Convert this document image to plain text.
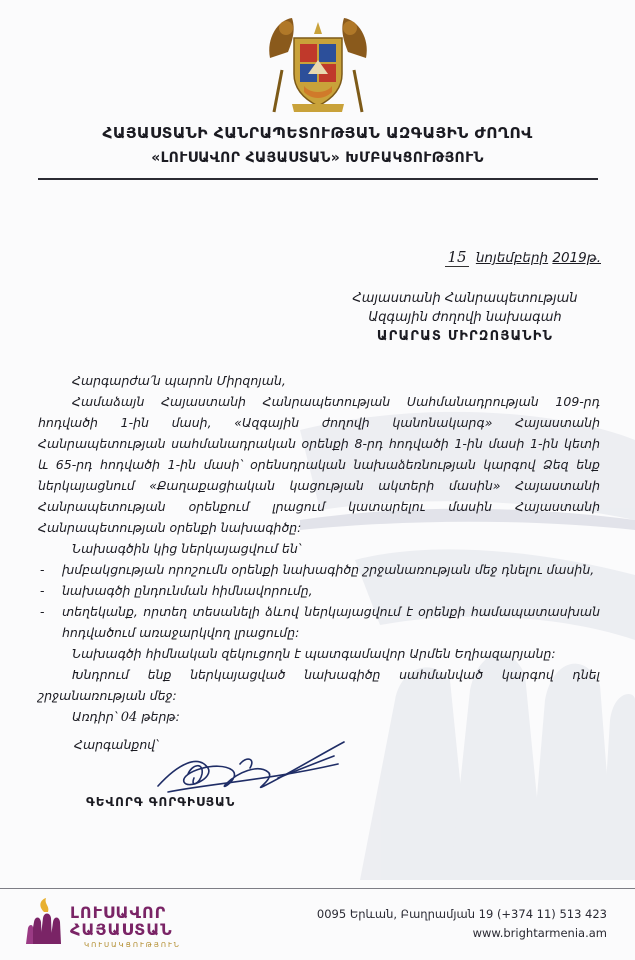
ՀԱՅԱՍՏԱՆԻ ՀԱՆՐԱՊԵՏՈՒԹՅԱՆ ԱԶԳԱՅԻՆ ԺՈՂՈՎ
«ԼՈՒՍԱՎՈՐ ՀԱՅԱՍՏԱՆ» ԽՄԲԱԿՑՈՒԹՅՈՒՆ
15 նոյեմբերի 2019թ.
Հայաստանի Հանրապետության
Ազգային ժողովի նախագահ
ԱՐԱՐԱՏ ՄԻՐԶՈՅԱՆԻՆ

Հարգարժա՛ն պարոն Միրզոյան,

Համաձայն Հայաստանի Հանրապետության Սահմանադրության 109-րդ հոդվածի 1-ին մասի, «Ազգային ժողովի կանոնակարգ» Հայաստանի Հանրապետության սահմանադրական օրենքի 8-րդ հոդվածի 1-ին մասի 1-ին կետի և 65-րդ հոդվածի 1-ին մասի՝ օրենսդրական նախաձեռնության կարգով Ձեզ ենք ներկայացնում «Քաղաքացիական կացության ակտերի մասին» Հայաստանի Հանրապետության օրենքում լրացում կատարելու մասին Հայաստանի Հանրապետության օրենքի նախագիծը:

Նախագծին կից ներկայացվում են՝

- խմբակցության որոշումն օրենքի նախագիծը շրջանառության մեջ դնելու մասին,

- նախագծի ընդունման հիմնավորումը,

- տեղեկանք, որտեղ տեսանելի ձևով ներկայացվում է օրենքի համապատասխան հոդվածում առաջարկվող լրացումը:

Նախագծի հիմնական զեկուցողն է պատգամավոր Արմեն Եղիազարյանը:

Խնդրում ենք ներկայացված նախագիծը սահմանված կարգով դնել շրջանառության մեջ:

Առդիր՝ 04 թերթ:

Հարգանքով՝
ԳԵՎՈՐԳ ԳՈՐԳԻՍՅԱՆ
ԼՈՒՍԱՎՈՐ
ՀԱՅԱՍՏԱՆ
ԿՈՒՍԱԿՑՈՒԹՅՈՒՆ
0095 Երևան, Բաղրամյան 19 (+374 11) 513 423
www.brightarmenia.am
